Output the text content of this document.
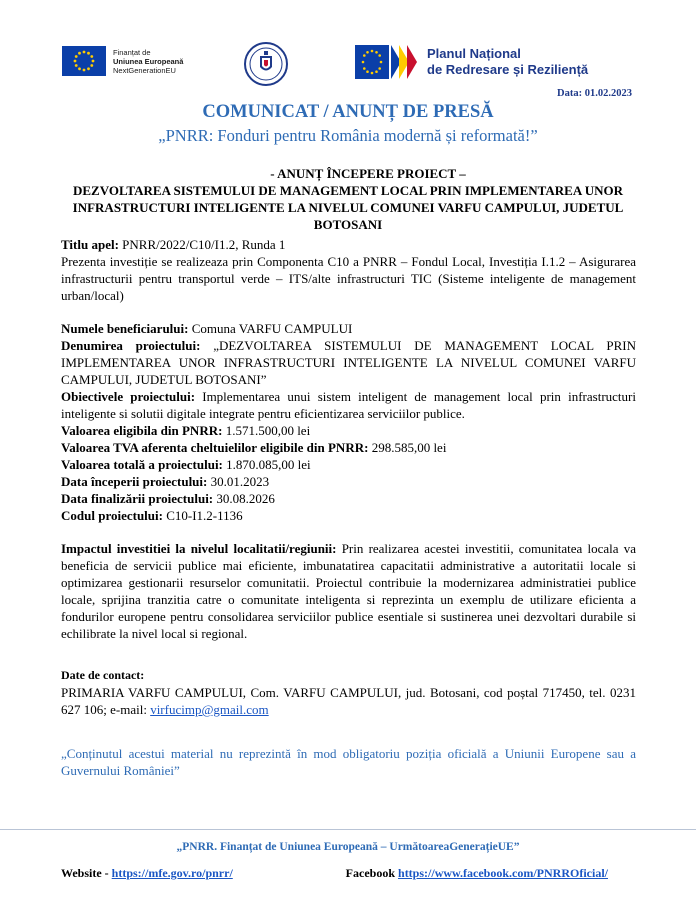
Finanțat de
Uniunea Europeană
NextGenerationEU
Planul Național
de Redresare și Reziliență
Data: 01.02.2023
COMUNICAT / ANUNȚ DE PRESĂ
„PNRR: Fonduri pentru România modernă și reformată!”
- ANUNȚ ÎNCEPERE PROIECT –
DEZVOLTAREA SISTEMULUI DE MANAGEMENT LOCAL PRIN IMPLEMENTAREA UNOR INFRASTRUCTURI INTELIGENTE LA NIVELUL COMUNEI VARFU CAMPULUI, JUDETUL BOTOSANI

Titlu apel: PNRR/2022/C10/I1.2, Runda 1

Prezenta investiție se realizeaza prin Componenta C10 a PNRR – Fondul Local, Investiția I.1.2 – Asigurarea infrastructurii pentru transportul verde – ITS/alte infrastructuri TIC (Sisteme inteligente de management urban/local)

Numele beneficiarului: Comuna VARFU CAMPULUI

Denumirea proiectului: „DEZVOLTAREA SISTEMULUI DE MANAGEMENT LOCAL PRIN IMPLEMENTAREA UNOR INFRASTRUCTURI INTELIGENTE LA NIVELUL COMUNEI VARFU CAMPULUI, JUDETUL BOTOSANI”

Obiectivele proiectului: Implementarea unui sistem inteligent de management local prin infrastructuri inteligente si solutii digitale integrate pentru eficientizarea serviciilor publice.

Valoarea eligibila din PNRR: 1.571.500,00 lei

Valoarea TVA aferenta cheltuielilor eligibile din PNRR: 298.585,00 lei

Valoarea totală a proiectului: 1.870.085,00 lei

Data începerii proiectului: 30.01.2023

Data finalizării proiectului: 30.08.2026

Codul proiectului: C10-I1.2-1136

Impactul investitiei la nivelul localitatii/regiunii: Prin realizarea acestei investitii, comunitatea locala va beneficia de servicii publice mai eficiente, imbunatatirea capacitatii administrative a autoritatii locale si optimizarea gestionarii resurselor comunitatii. Proiectul contribuie la modernizarea administratiei publice locale, sprijina tranzitia catre o comunitate inteligenta si reprezinta un exemplu de utilizare eficienta a fondurilor europene pentru consolidarea serviciilor publice esentiale si sustinerea unei dezvoltari durabile si echilibrate la nivel local si regional.

Date de contact:

PRIMARIA VARFU CAMPULUI, Com. VARFU CAMPULUI, jud. Botosani, cod poștal 717450, tel. 0231 627 106; e-mail: virfucimp@gmail.com

„Conținutul acestui material nu reprezintă în mod obligatoriu poziția oficială a Uniunii Europene sau a Guvernului României”

„PNRR. Finanțat de Uniunea Europeană – UrmătoareaGenerațieUE”
Website - https://mfe.gov.ro/pnrr/	Facebook https://www.facebook.com/PNRROficial/
